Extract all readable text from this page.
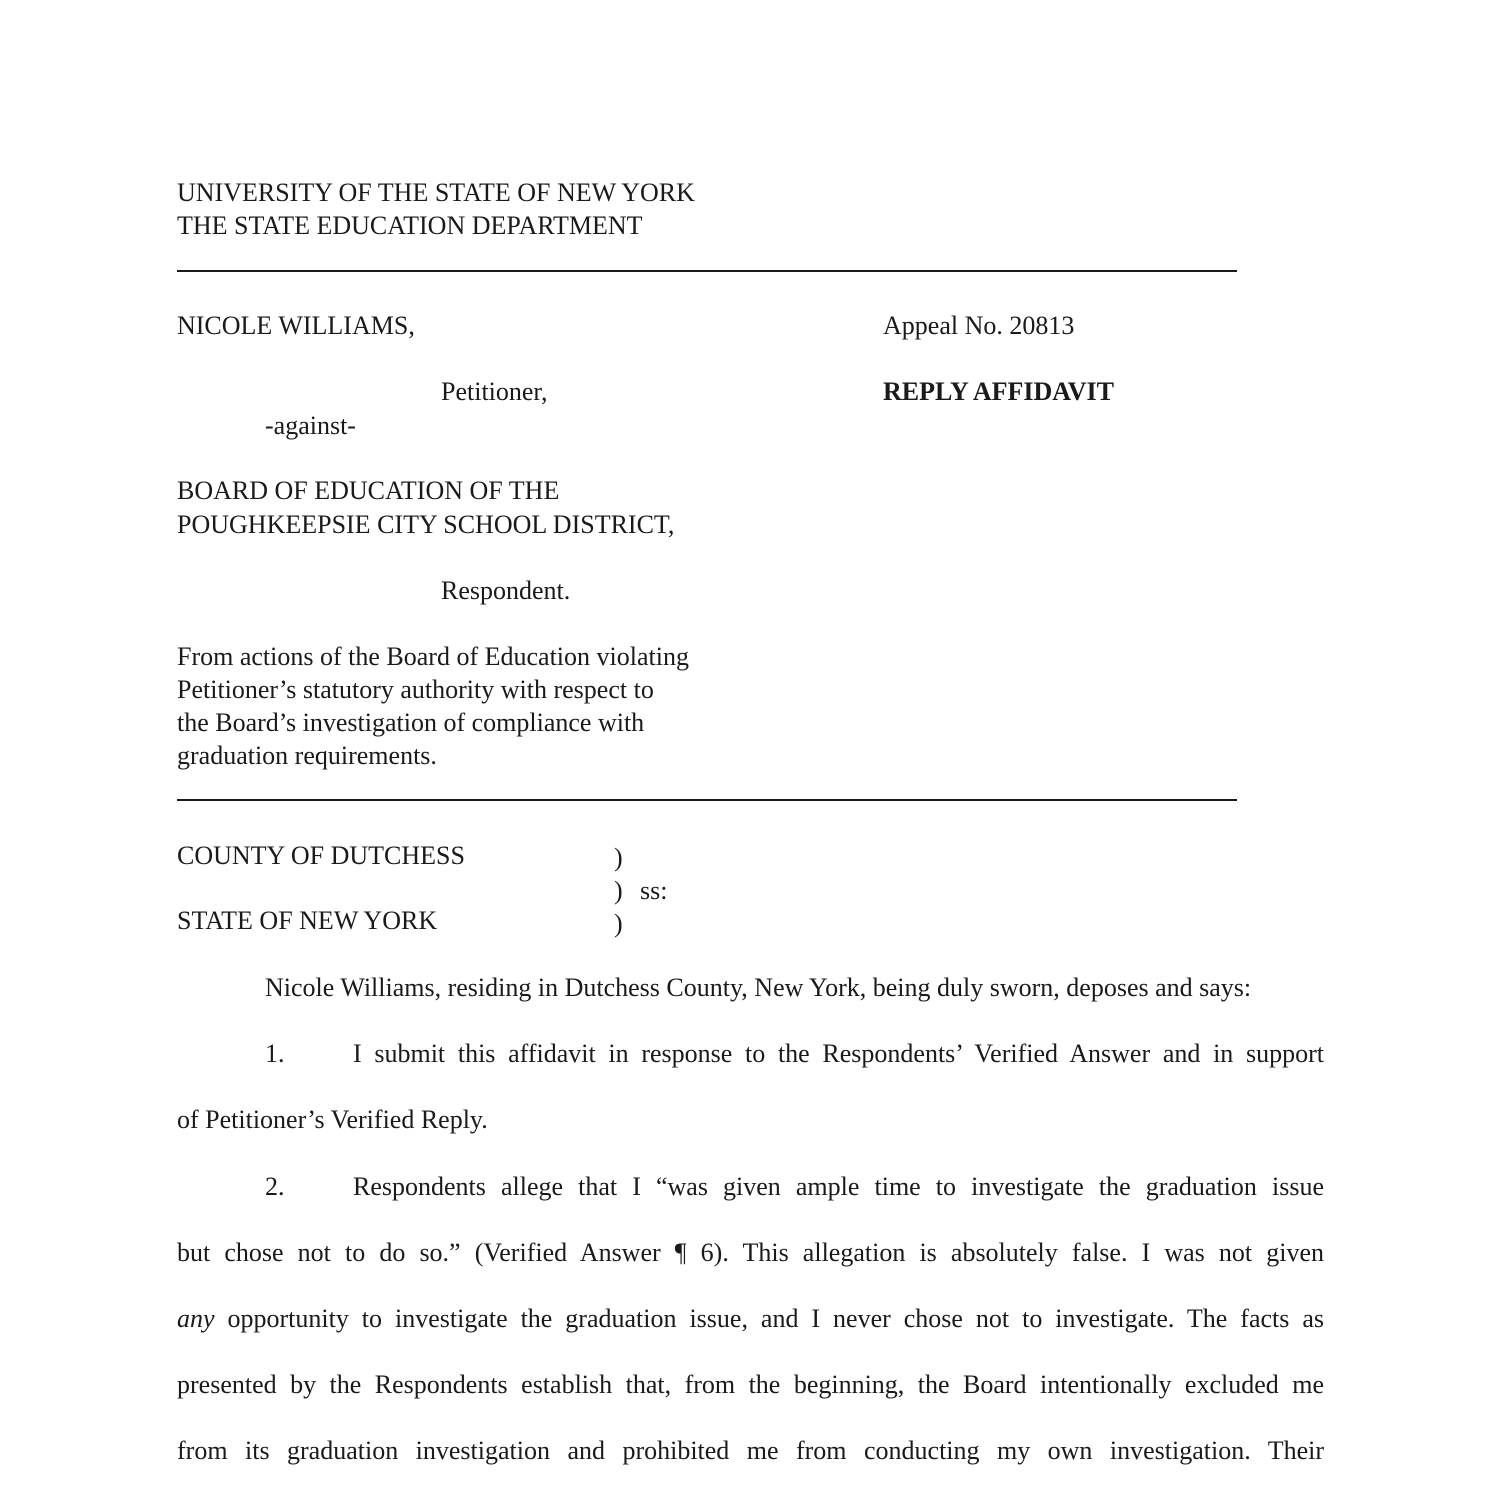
UNIVERSITY OF THE STATE OF NEW YORK
THE STATE EDUCATION DEPARTMENT
NICOLE WILLIAMS,
Petitioner,
-against-
BOARD OF EDUCATION OF THE
POUGHKEEPSIE CITY SCHOOL DISTRICT,
Respondent.
From actions of the Board of Education violating
Petitioner’s statutory authority with respect to
the Board’s investigation of compliance with
graduation requirements.
Appeal No. 20813
REPLY AFFIDAVIT
COUNTY OF DUTCHESS	)
) ss:
)
STATE OF NEW YORK
Nicole Williams, residing in Dutchess County, New York, being duly sworn, deposes and says:
1.	I submit this affidavit in response to the Respondents’ Verified Answer and in support
of Petitioner’s Verified Reply.
2.	Respondents allege that I “was given ample time to investigate the graduation issue
but chose not to do so.” (Verified Answer ¶ 6). This allegation is absolutely false. I was not given
any opportunity to investigate the graduation issue, and I never chose not to investigate. The facts as
presented by the Respondents establish that, from the beginning, the Board intentionally excluded me
from its graduation investigation and prohibited me from conducting my own investigation. Their
